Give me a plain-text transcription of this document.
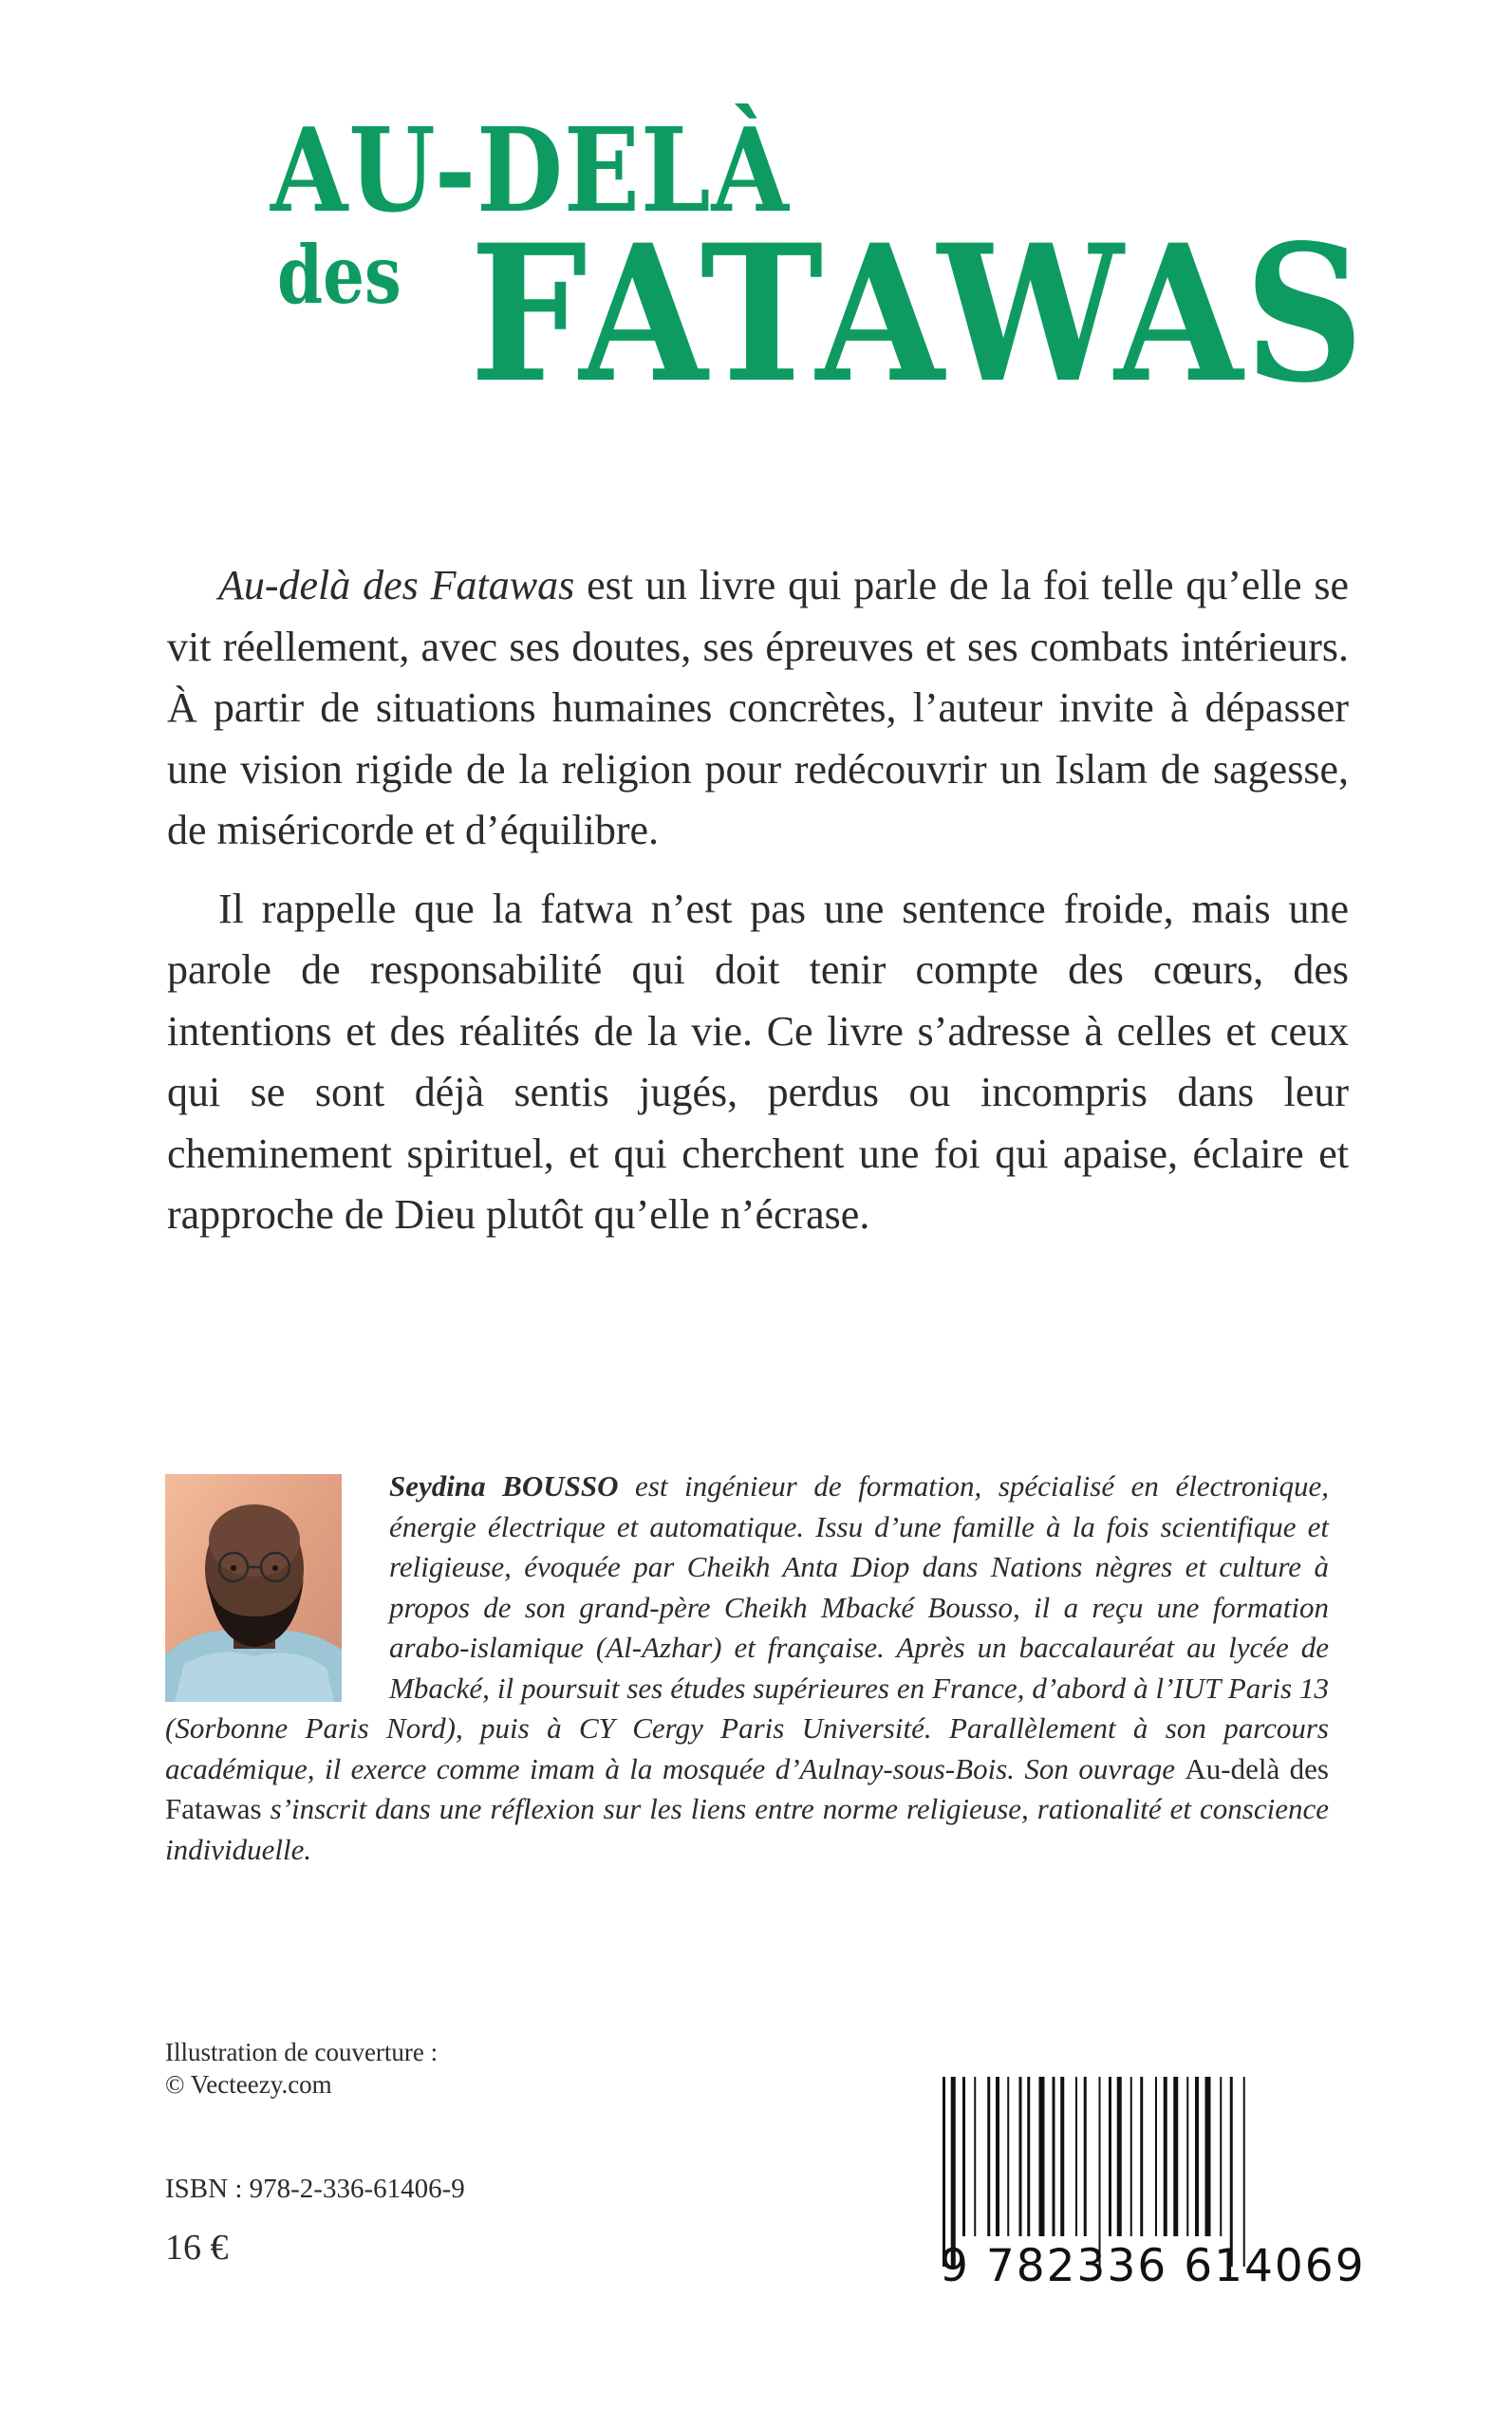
AU-DELÀ
des FATAWAS

Au-delà des Fatawas est un livre qui parle de la foi telle qu’elle se vit réellement, avec ses doutes, ses épreuves et ses combats intérieurs. À partir de situations humaines concrètes, l’auteur invite à dépasser une vision rigide de la religion pour redécouvrir un Islam de sagesse, de miséricorde et d’équilibre.

Il rappelle que la fatwa n’est pas une sentence froide, mais une parole de responsabilité qui doit tenir compte des cœurs, des intentions et des réalités de la vie. Ce livre s’adresse à celles et ceux qui se sont déjà sentis jugés, perdus ou incompris dans leur cheminement spirituel, et qui cherchent une foi qui apaise, éclaire et rapproche de Dieu plutôt qu’elle n’écrase.

Seydina BOUSSO est ingénieur de formation, spécialisé en électronique, énergie électrique et automatique. Issu d’une famille à la fois scientifique et religieuse, évoquée par Cheikh Anta Diop dans Nations nègres et culture à propos de son grand-père Cheikh Mbacké Bousso, il a reçu une formation arabo-islamique (Al-Azhar) et française. Après un baccalauréat au lycée de Mbacké, il poursuit ses études supérieures en France, d’abord à l’IUT Paris 13 (Sorbonne Paris Nord), puis à CY Cergy Paris Université. Parallèlement à son parcours académique, il exerce comme imam à la mosquée d’Aulnay-sous-Bois. Son ouvrage Au-delà des Fatawas s’inscrit dans une réflexion sur les liens entre norme religieuse, rationalité et conscience individuelle.
Illustration de couverture :
© Vecteezy.com
ISBN : 978-2-336-61406-9
16 €	9 782336 614069
